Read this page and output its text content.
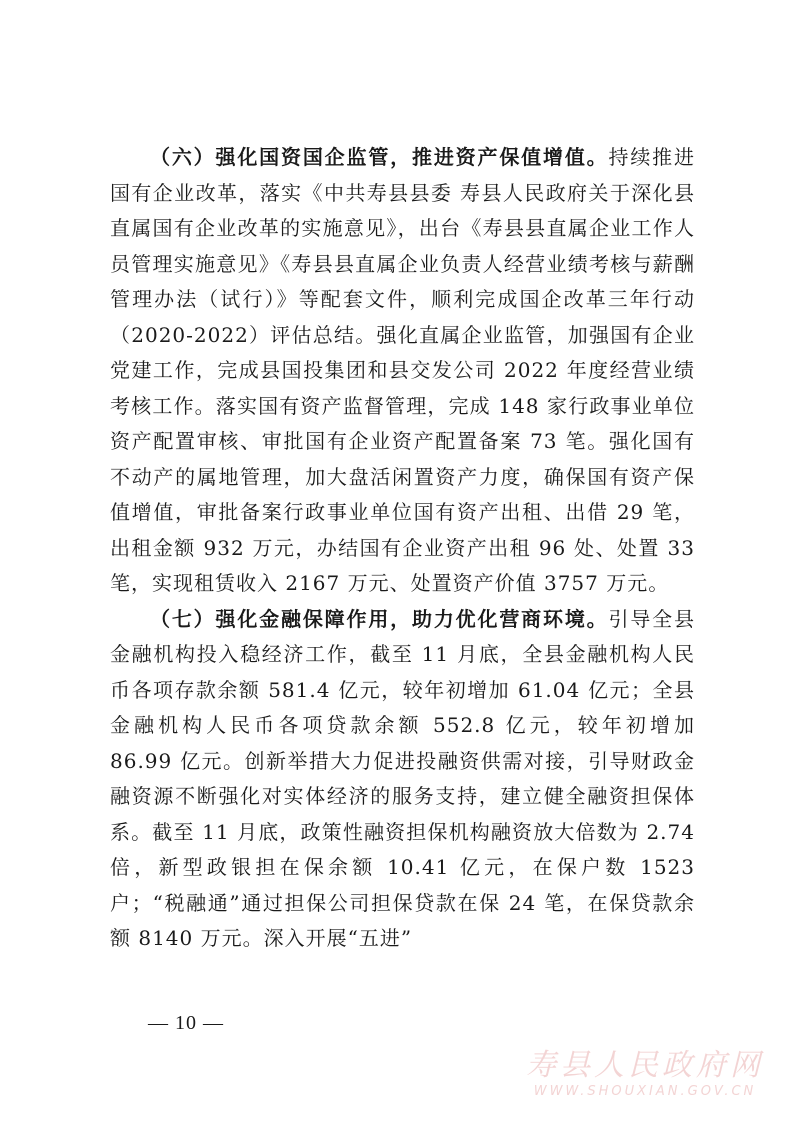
（六）强化国资国企监管，推进资产保值增值。持续推进国有企业改革，落实《中共寿县县委 寿县人民政府关于深化县直属国有企业改革的实施意见》，出台《寿县县直属企业工作人员管理实施意见》《寿县县直属企业负责人经营业绩考核与薪酬管理办法（试行）》等配套文件，顺利完成国企改革三年行动（2020-2022）评估总结。强化直属企业监管，加强国有企业党建工作，完成县国投集团和县交发公司 2022 年度经营业绩考核工作。落实国有资产监督管理，完成 148 家行政事业单位资产配置审核、审批国有企业资产配置备案 73 笔。强化国有不动产的属地管理，加大盘活闲置资产力度，确保国有资产保值增值，审批备案行政事业单位国有资产出租、出借 29 笔，出租金额 932 万元，办结国有企业资产出租 96 处、处置 33 笔，实现租赁收入 2167 万元、处置资产价值 3757 万元。

（七）强化金融保障作用，助力优化营商环境。引导全县金融机构投入稳经济工作，截至 11 月底，全县金融机构人民币各项存款余额 581.4 亿元，较年初增加 61.04 亿元；全县金融机构人民币各项贷款余额 552.8 亿元，较年初增加 86.99 亿元。创新举措大力促进投融资供需对接，引导财政金融资源不断强化对实体经济的服务支持，建立健全融资担保体系。截至 11 月底，政策性融资担保机构融资放大倍数为 2.74 倍，新型政银担在保余额 10.41 亿元，在保户数 1523 户；“税融通”通过担保公司担保贷款在保 24 笔，在保贷款余额 8140 万元。深入开展“五进”

— 10 —
寿县人民政府网
WWW.SHOUXIAN.GOV.CN
